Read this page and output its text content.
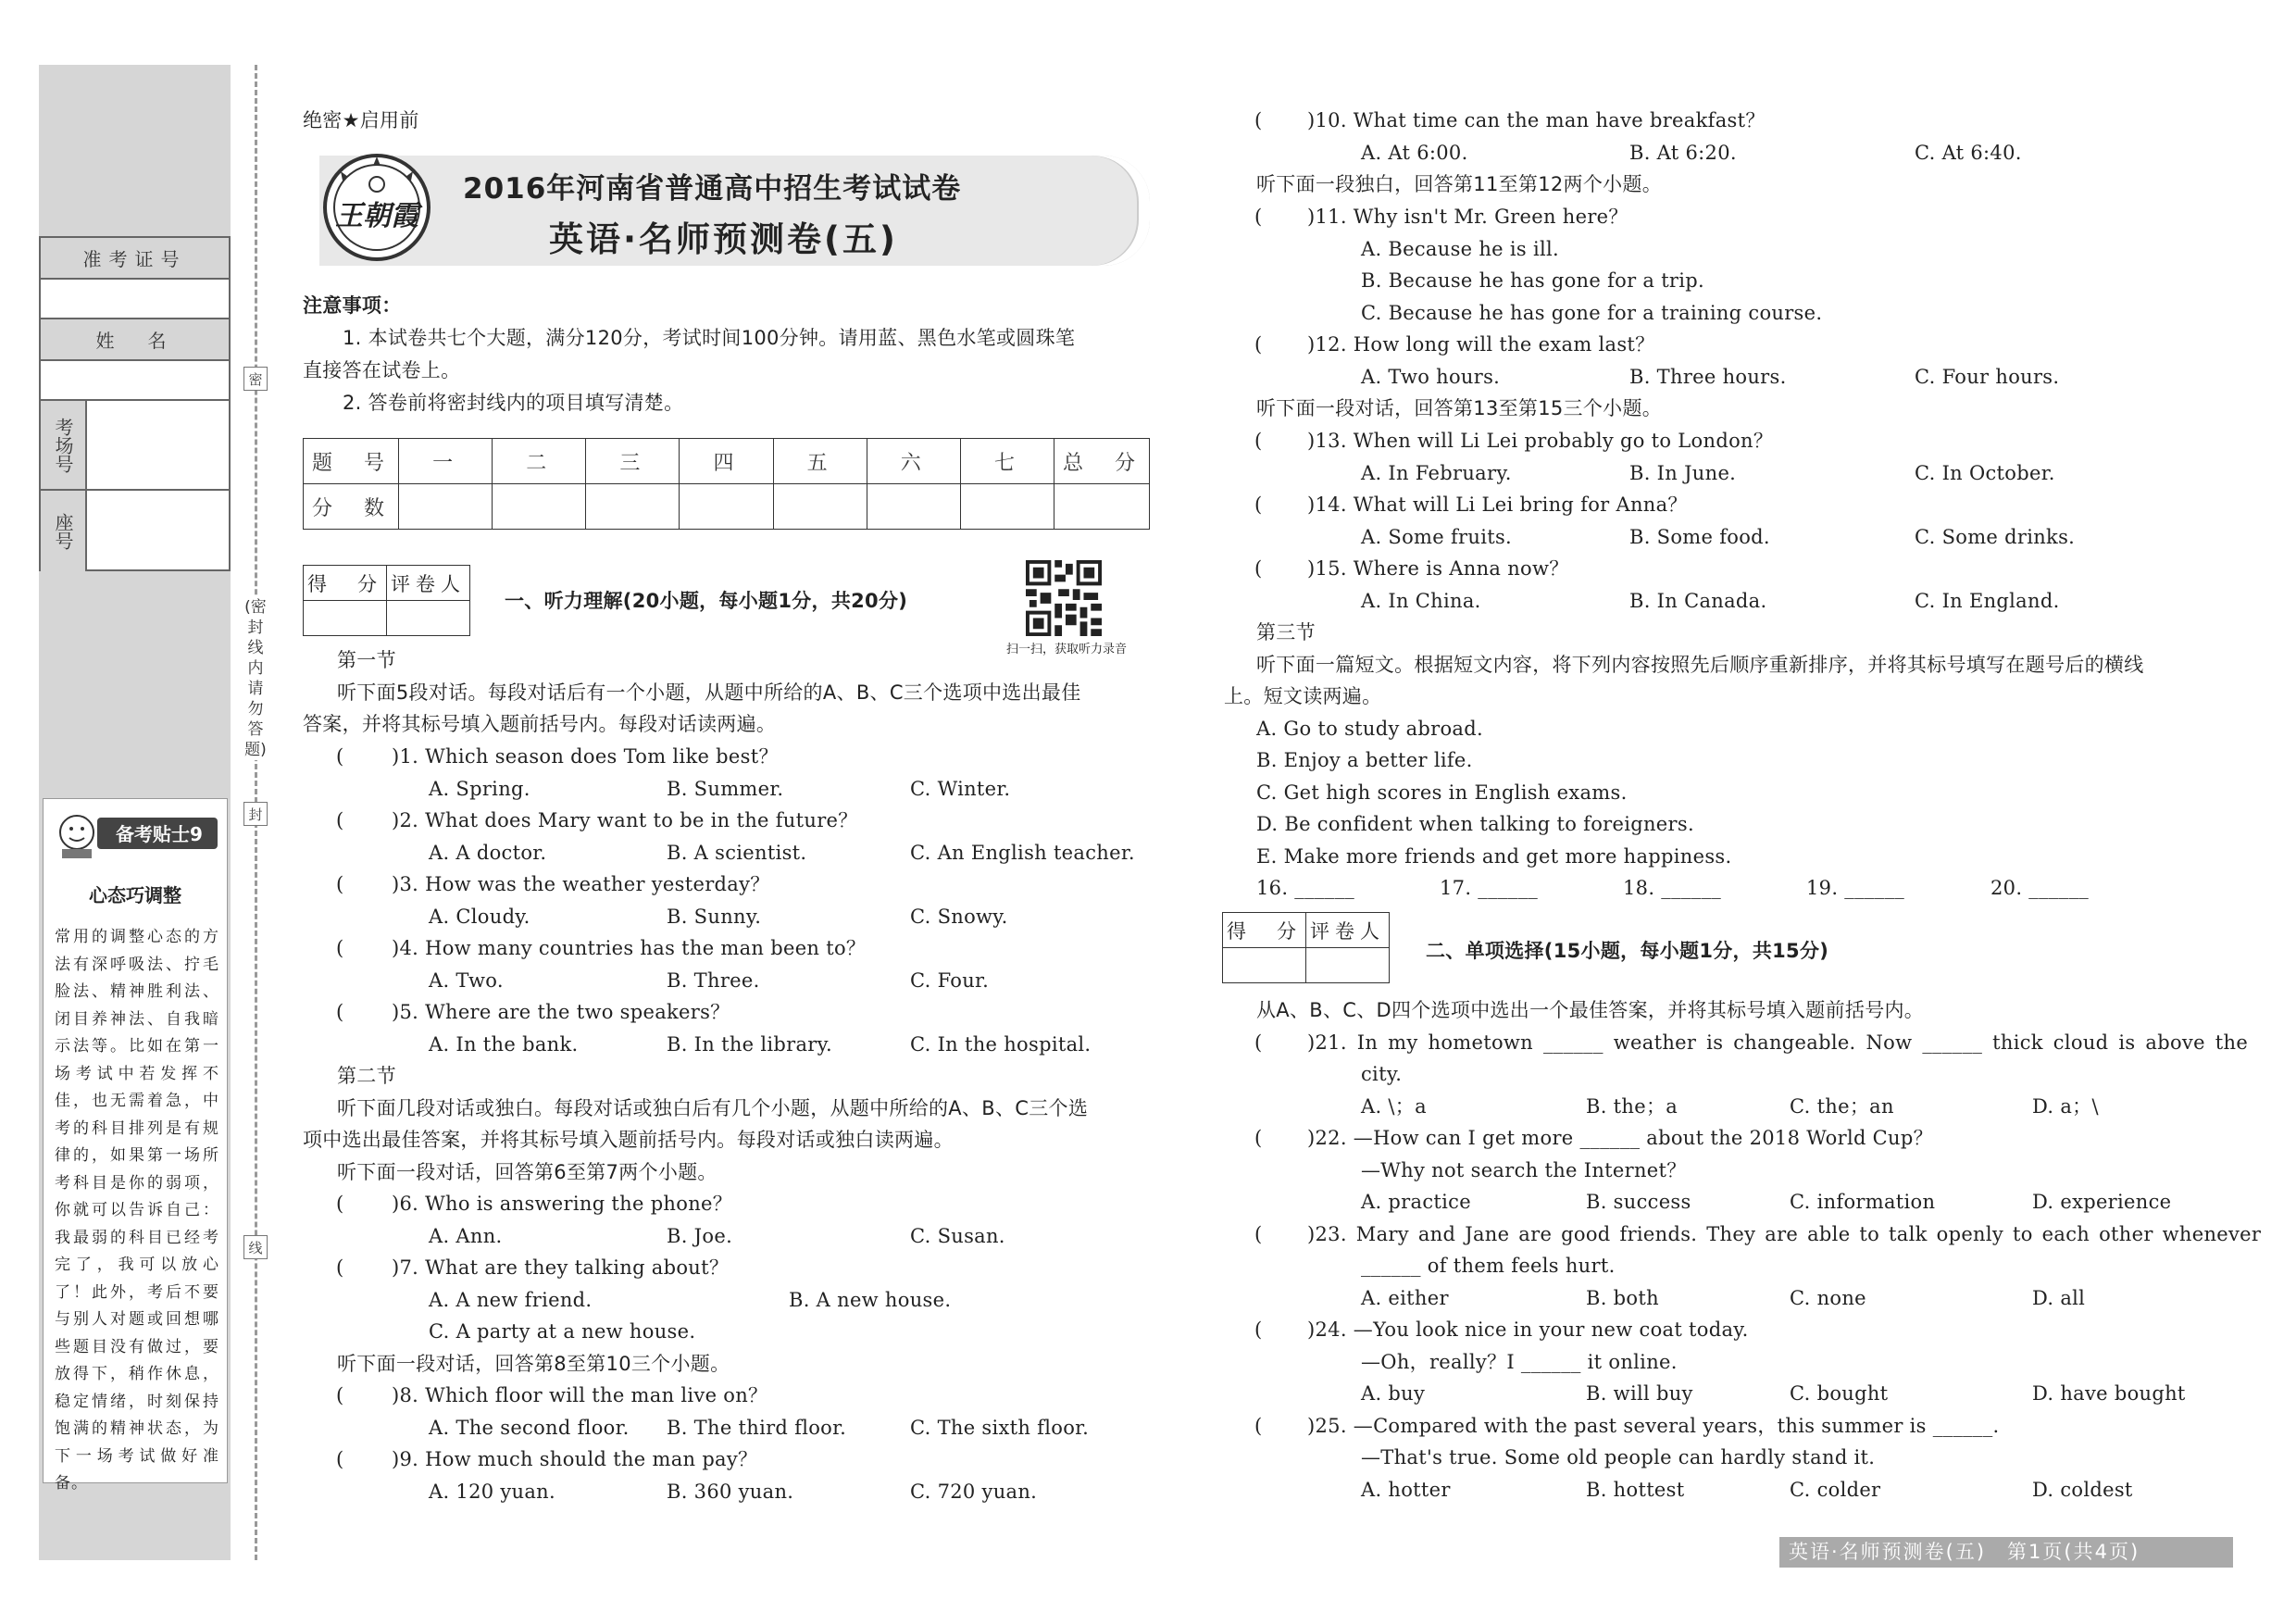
准考证号
姓　名
考场号
座号
备考贴士9
心态巧调整
常用的调整心态的方法有深呼吸法、拧毛脸法、精神胜利法、闭目养神法、自我暗示法等。比如在第一场考试中若发挥不佳，也无需着急，中考的科目排列是有规律的，如果第一场所考科目是你的弱项，你就可以告诉自己：我最弱的科目已经考完了，我可以放心了！此外，考后不要与别人对题或回想哪些题目没有做过，要放得下，稍作休息，稳定情绪，时刻保持饱满的精神状态，为下一场考试做好准备。
密
封
线
(密封线内请勿答题)
绝密★启用前
王朝霞
2016年河南省普通高中招生考试试卷
英语·名师预测卷(五)
注意事项：
1. 本试卷共七个大题，满分120分，考试时间100分钟。请用蓝、黑色水笔或圆珠笔
直接答在试卷上。
2. 答卷前将密封线内的项目填写清楚。
题　号	一	二	三	四	五	六	七	总　分
分　数								
得　分	评卷人

一、听力理解(20小题，每小题1分，共20分)
扫一扫，获取听力录音
第一节
听下面5段对话。每段对话后有一个小题，从题中所给的A、B、C三个选项中选出最佳
答案，并将其标号填入题前括号内。每段对话读两遍。
( )1. Which season does Tom like best？
A. Spring.	B. Summer.	C. Winter.
( )2. What does Mary want to be in the future？
A. A doctor.	B. A scientist.	C. An English teacher.
( )3. How was the weather yesterday？
A. Cloudy.	B. Sunny.	C. Snowy.
( )4. How many countries has the man been to？
A. Two.	B. Three.	C. Four.
( )5. Where are the two speakers？
A. In the bank.	B. In the library.	C. In the hospital.
第二节
听下面几段对话或独白。每段对话或独白后有几个小题，从题中所给的A、B、C三个选
项中选出最佳答案，并将其标号填入题前括号内。每段对话或独白读两遍。
听下面一段对话，回答第6至第7两个小题。
( )6. Who is answering the phone？
A. Ann.	B. Joe.	C. Susan.
( )7. What are they talking about？
A. A new friend.	B. A new house.
C. A party at a new house.
听下面一段对话，回答第8至第10三个小题。
( )8. Which floor will the man live on？
A. The second floor. B. The third floor.	C. The sixth floor.
( )9. How much should the man pay？
A. 120 yuan.	B. 360 yuan.	C. 720 yuan.
( )10. What time can the man have breakfast？
A. At 6:00.	B. At 6:20.	C. At 6:40.
听下面一段独白，回答第11至第12两个小题。
( )11. Why isn't Mr. Green here？
A. Because he is ill.
B. Because he has gone for a trip.
C. Because he has gone for a training course.
( )12. How long will the exam last？
A. Two hours.	B. Three hours.	C. Four hours.
听下面一段对话，回答第13至第15三个小题。
( )13. When will Li Lei probably go to London？
A. In February.	B. In June.	C. In October.
( )14. What will Li Lei bring for Anna？
A. Some fruits.	B. Some food.	C. Some drinks.
( )15. Where is Anna now？
A. In China.	B. In Canada.	C. In England.
第三节
听下面一篇短文。根据短文内容，将下列内容按照先后顺序重新排序，并将其标号填写在题号后的横线
上。短文读两遍。
A. Go to study abroad.
B. Enjoy a better life.
C. Get high scores in English exams.
D. Be confident when talking to foreigners.
E. Make more friends and get more happiness.
16. ______	17. ______	18. ______	19. ______	20. ______
得　分	评卷人

二、单项选择(15小题，每小题1分，共15分)
从A、B、C、D四个选项中选出一个最佳答案，并将其标号填入题前括号内。
( )21. In my hometown ______ weather is changeable. Now ______ thick cloud is above the
city.
A. \；a	B. the；a	C. the；an	D. a；\
( )22. —How can I get more ______ about the 2018 World Cup？
—Why not search the Internet？
A. practice	B. success	C. information	D. experience
( )23. Mary and Jane are good friends. They are able to talk openly to each other whenever
______ of them feels hurt.
A. either	B. both	C. none	D. all
( )24. —You look nice in your new coat today.
—Oh，really？I ______ it online.
A. buy	B. will buy	C. bought	D. have bought
( )25. —Compared with the past several years，this summer is ______.
—That's true. Some old people can hardly stand it.
A. hotter	B. hottest	C. colder	D. coldest
英语·名师预测卷(五)　第1页(共4页)
